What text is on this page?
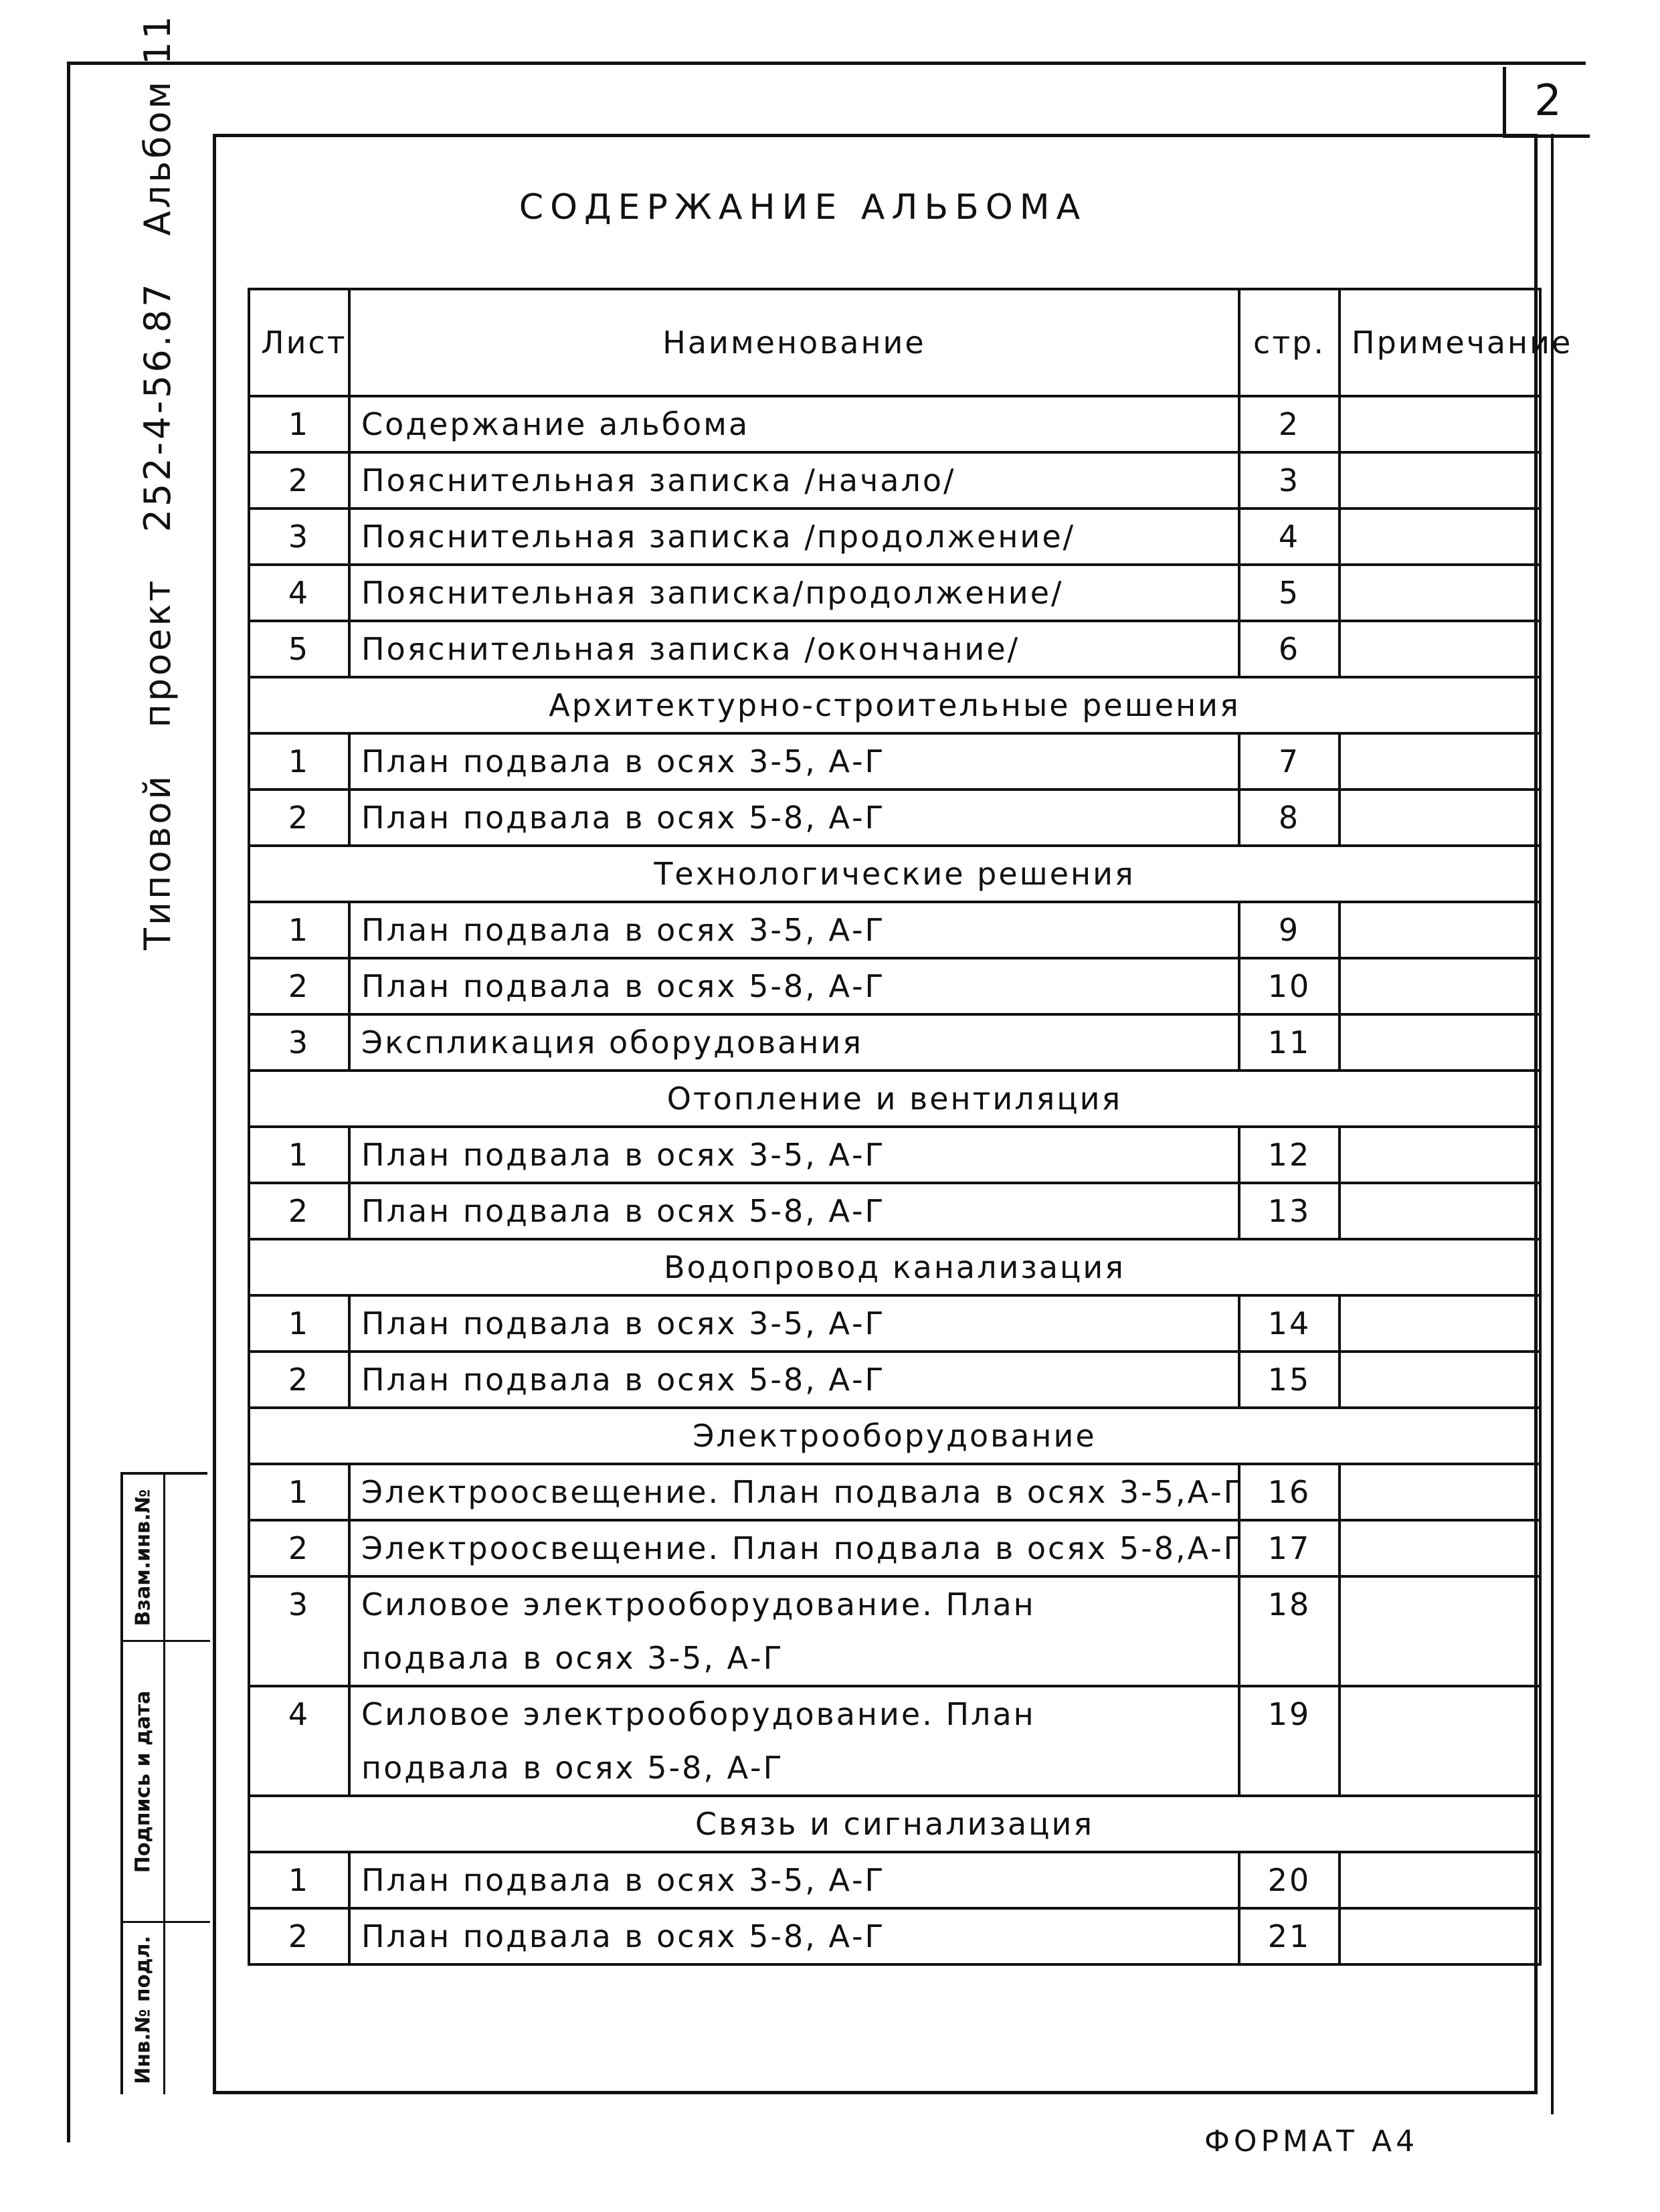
2
Типовой
проект
252-4-56.87
Альбом 11
Взам.инв.№
Подпись и дата
Инв.№ подл.
СОДЕРЖАНИЕ АЛЬБОМА
Лист	Наименование	стр.	Примечание
1	Содержание альбома	2	
2	Пояснительная записка /начало/	3	
3	Пояснительная записка /продолжение/	4	
4	Пояснительная записка/продолжение/	5	
5	Пояснительная записка /окончание/	6	
Архитектурно-строительные решения			
1	План подвала в осях 3-5, А-Г	7	
2	План подвала в осях 5-8, А-Г	8	
Технологические решения			
1	План подвала в осях 3-5, А-Г	9	
2	План подвала в осях 5-8, А-Г	10	
3	Экспликация оборудования	11	
Отопление и вентиляция			
1	План подвала в осях 3-5, А-Г	12	
2	План подвала в осях 5-8, А-Г	13	
Водопровод канализация			
1	План подвала в осях 3-5, А-Г	14	
2	План подвала в осях 5-8, А-Г	15	
Электрооборудование			
1	Электроосвещение. План подвала в осях 3-5,А-Г	16	
2	Электроосвещение. План подвала в осях 5-8,А-Г	17	
3	Силовое электрооборудование. План	18	
	подвала в осях 3-5, А-Г		
4	Силовое электрооборудование. План	19	
	подвала в осях 5-8, А-Г		
Связь и сигнализация			
1	План подвала в осях 3-5, А-Г	20	
2	План подвала в осях 5-8, А-Г	21	
ФОРМАТ А4
